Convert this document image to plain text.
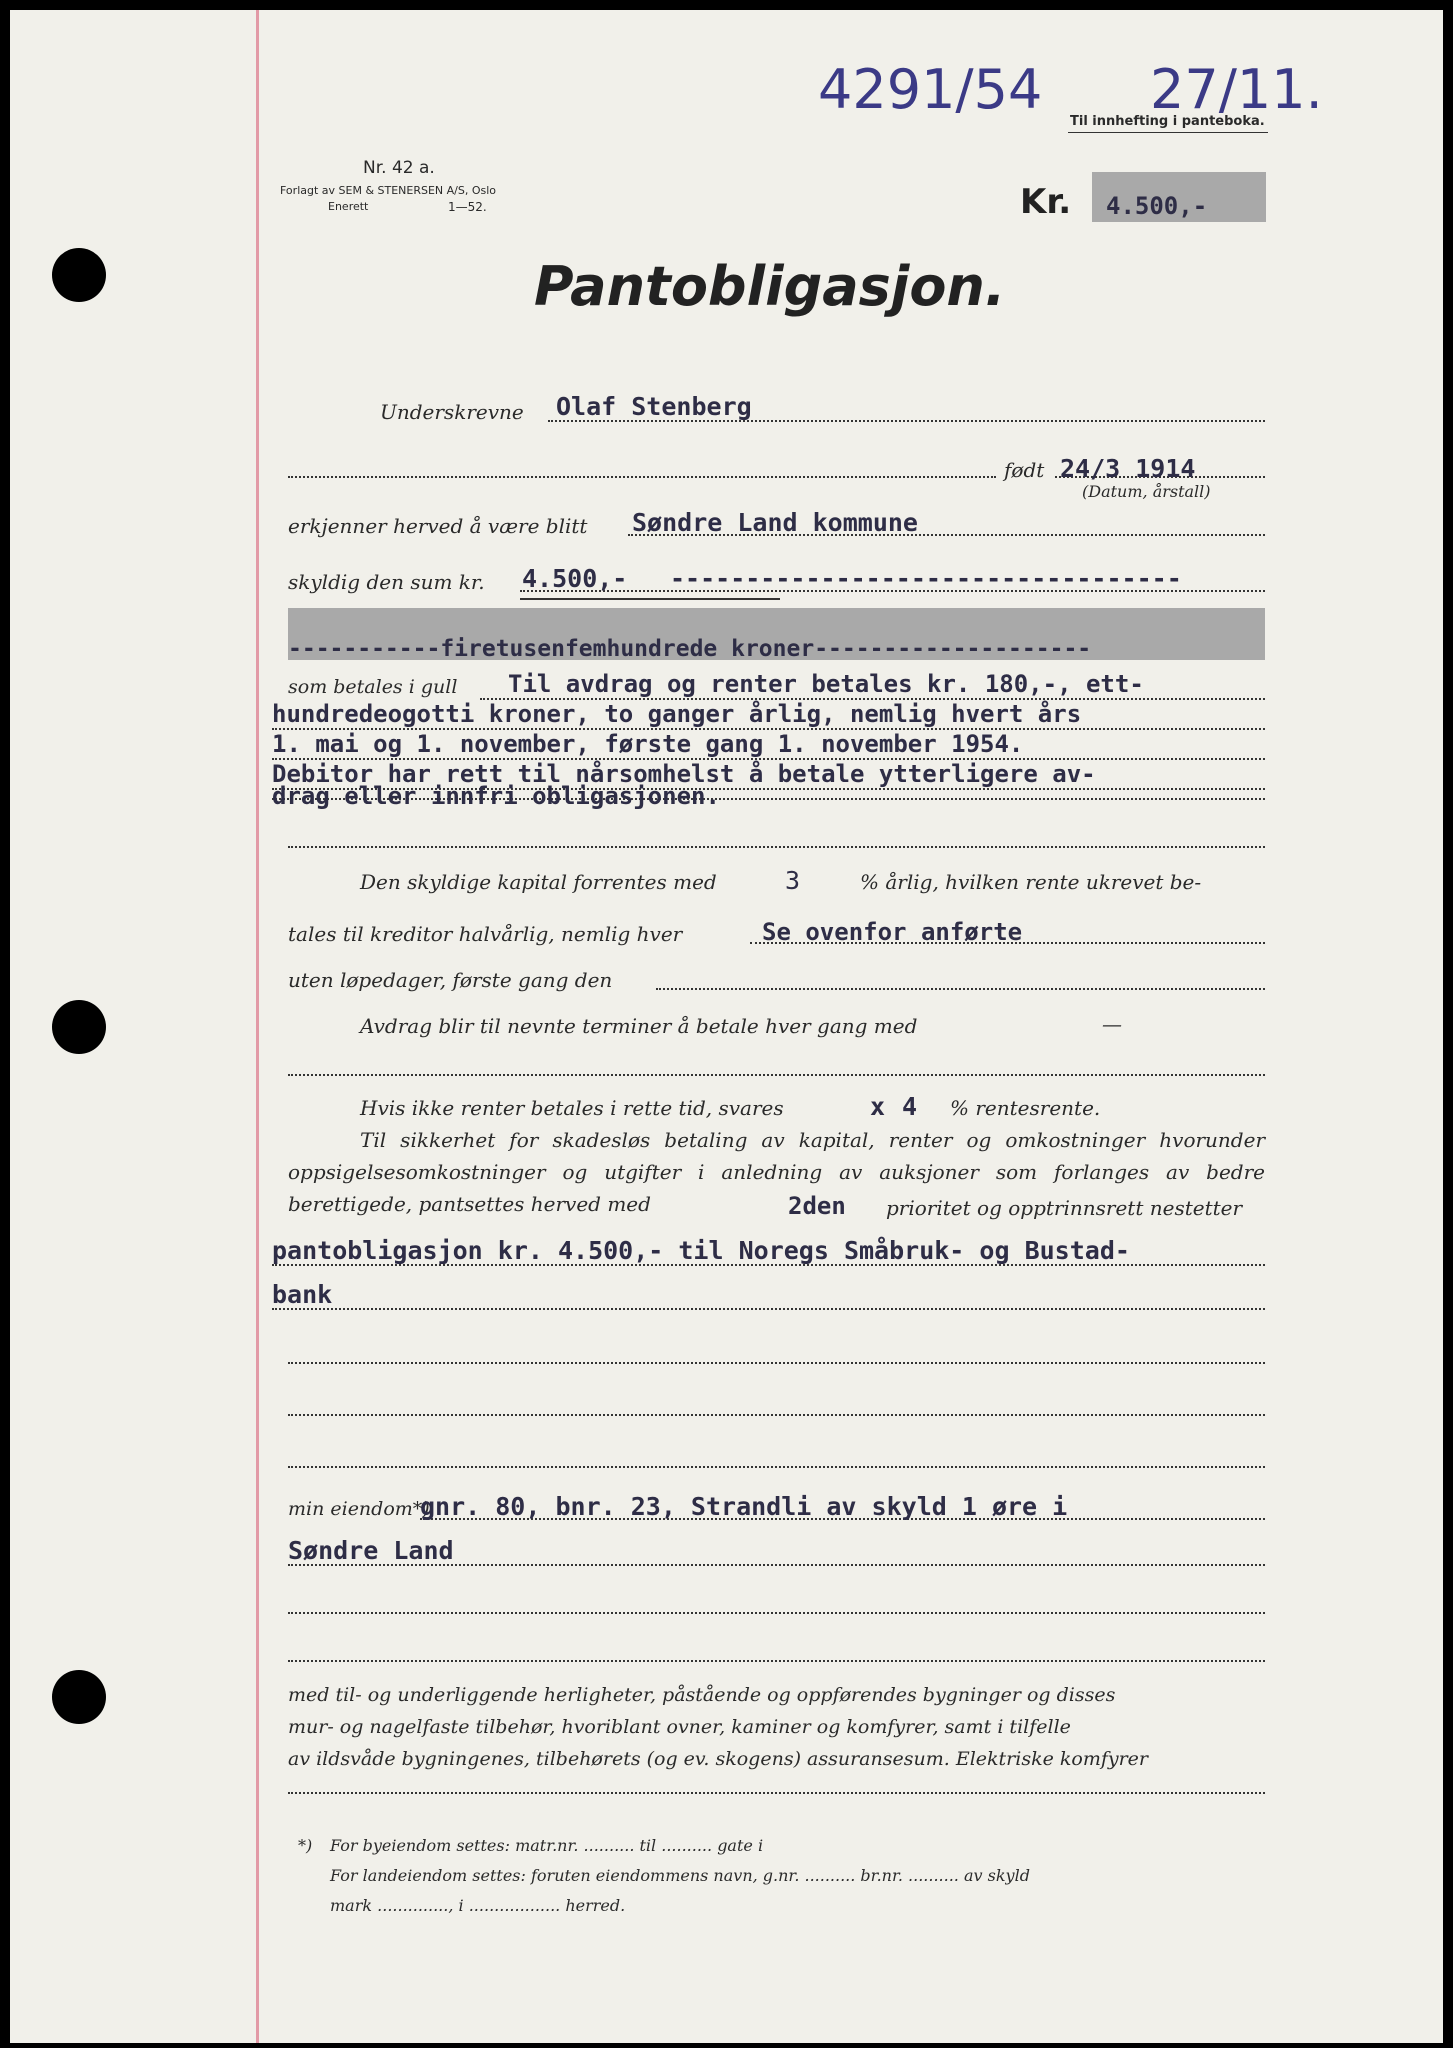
Nr. 42 a.
Forlagt av SEM & STENERSEN A/S, Oslo
Enerett	1—52.
4291/54 27/11.
Til innhefting i panteboka.
Kr. 4.500,-
Pantobligasjon.
Underskrevne Olaf Stenberg
født 24/3 1914
(Datum, årstall)
erkjenner herved å være blitt Søndre Land kommune
skyldig den sum kr. 4.500,- ----------------------------------
-----------firetusenfemhundrede kroner--------------------
som betales i gull Til avdrag og renter betales kr. 180,-, ett-
hundredeogotti kroner, to ganger årlig, nemlig hvert års
1. mai og 1. november, første gang 1. november 1954.
Debitor har rett til nårsomhelst å betale ytterligere av-
drag eller innfri obligasjonen.
Den skyldige kapital forrentes med	3	% årlig, hvilken rente ukrevet be-
tales til kreditor halvårlig, nemlig hver	Se ovenfor anførte
uten løpedager, første gang den
Avdrag blir til nevnte terminer å betale hver gang med	—
Hvis ikke renter betales i rette tid, svares	x 4 % rentesrente.
Til sikkerhet for skadesløs betaling av kapital, renter og omkostninger hvorunder oppsigelsesomkostninger og utgifter i anledning av auksjoner som forlanges av bedre berettigede, pantsettes herved med	2den prioritet og opptrinnsrett nestetter
pantobligasjon kr. 4.500,- til Noregs Småbruk- og Bustad-
bank
min eiendom*)
gnr. 80, bnr. 23, Strandli av skyld 1 øre i
Søndre Land
med til- og underliggende herligheter, påstående og oppførendes bygninger og disses
mur- og nagelfaste tilbehør, hvoriblant ovner, kaminer og komfyrer, samt i tilfelle
av ildsvåde bygningenes, tilbehørets (og ev. skogens) assuransesum. Elektriske komfyrer
*) For byeiendom settes: matr.nr. .......... til .......... gate i
For landeiendom settes: foruten eiendommens navn, g.nr. .......... br.nr. .......... av skyld
mark .............., i .................. herred.
